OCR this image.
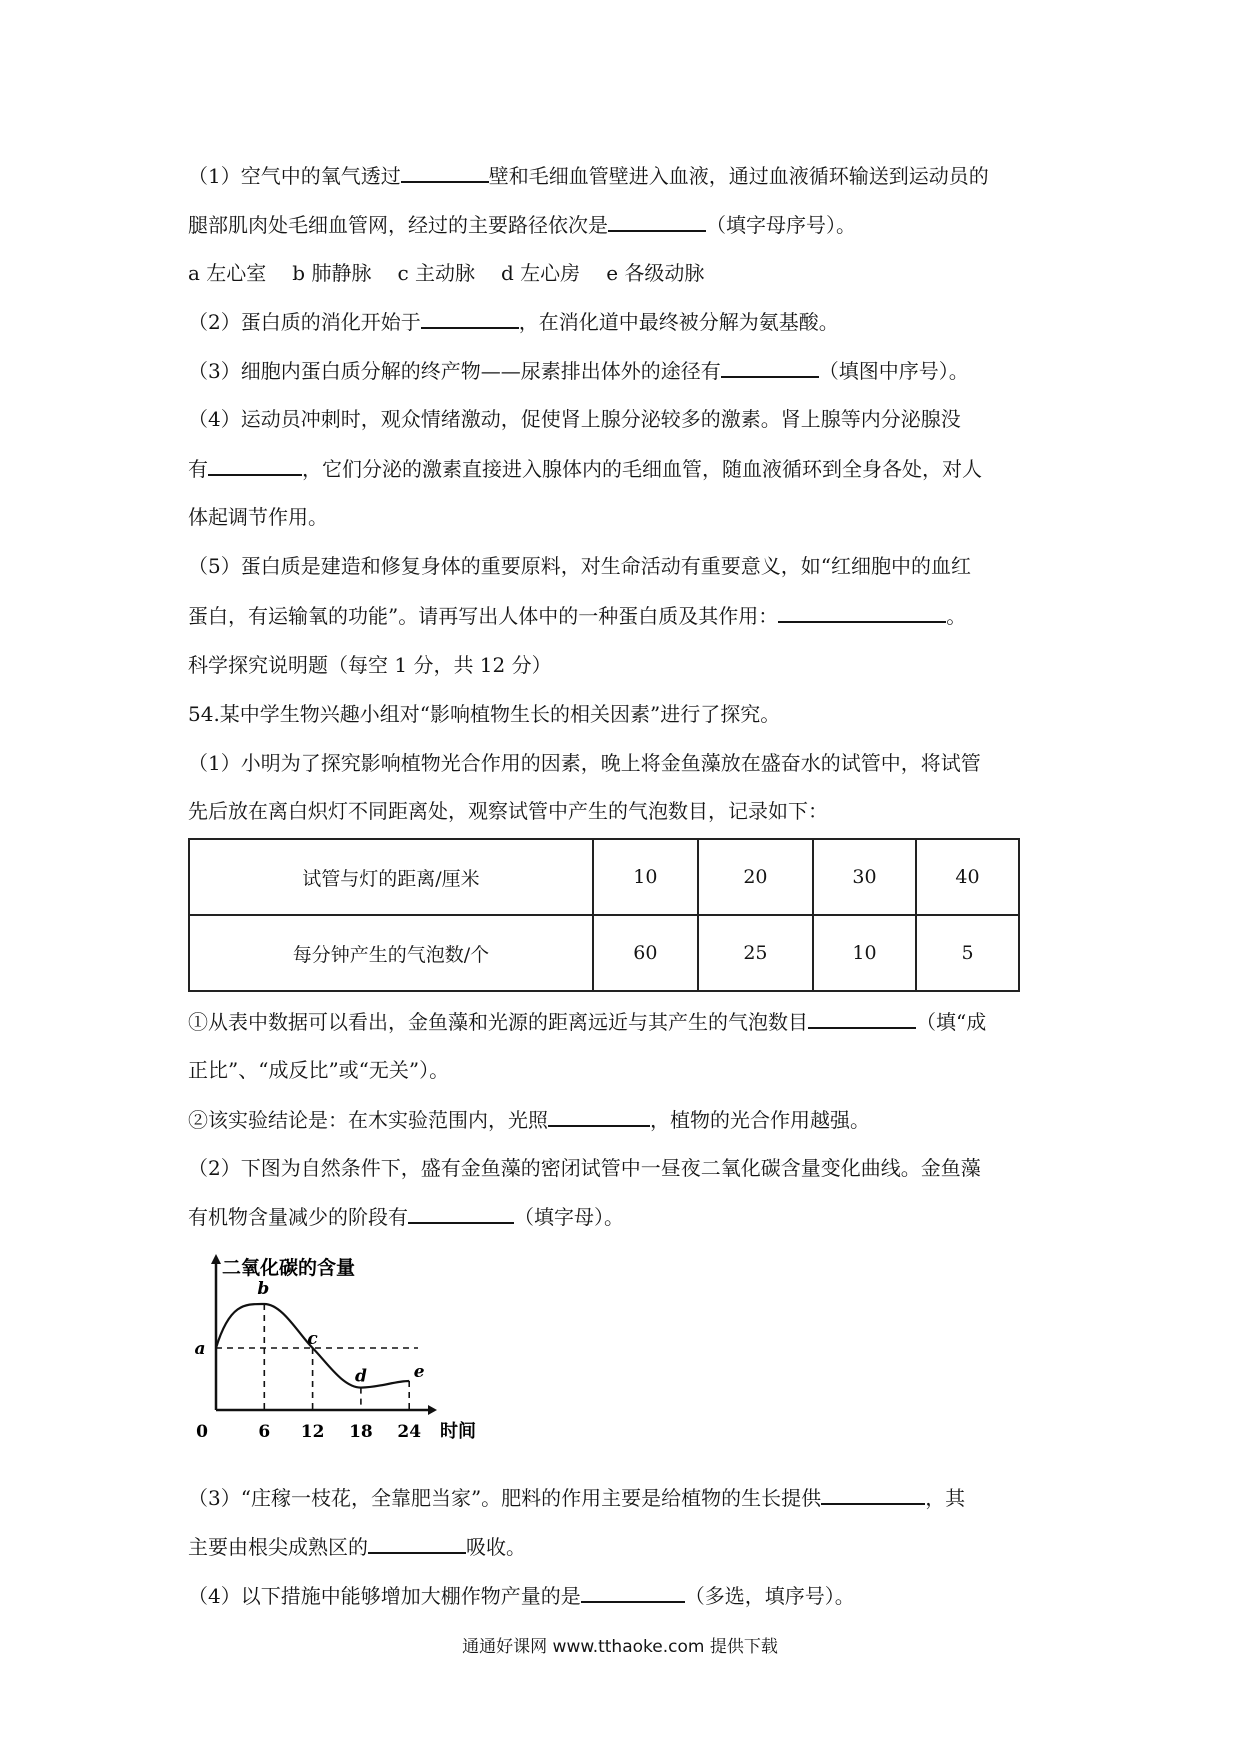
（1）空气中的氧气透过	壁和毛细血管壁进入血液，通过血液循环输送到运动员的
腿部肌肉处毛细血管网，经过的主要路径依次是	（填字母序号）。
a 左心室 b 肺静脉 c 主动脉 d 左心房 e 各级动脉
（2）蛋白质的消化开始于	，在消化道中最终被分解为氨基酸。
（3）细胞内蛋白质分解的终产物——尿素排出体外的途径有	（填图中序号）。
（4）运动员冲刺时，观众情绪激动，促使肾上腺分泌较多的激素。肾上腺等内分泌腺没
有	，它们分泌的激素直接进入腺体内的毛细血管，随血液循环到全身各处，对人
体起调节作用。
（5）蛋白质是建造和修复身体的重要原料，对生命活动有重要意义，如“红细胞中的血红
蛋白，有运输氧的功能”。请再写出人体中的一种蛋白质及其作用：	。
科学探究说明题（每空 1 分，共 12 分）
54.某中学生物兴趣小组对“影响植物生长的相关因素”进行了探究。
（1）小明为了探究影响植物光合作用的因素，晚上将金鱼藻放在盛奋水的试管中，将试管
先后放在离白炽灯不同距离处，观察试管中产生的气泡数目，记录如下：
试管与灯的距离/厘米	10	20	30	40
每分钟产生的气泡数/个	60	25	10	5
①从表中数据可以看出，金鱼藻和光源的距离远近与其产生的气泡数目	（填“成
正比”、“成反比”或“无关”）。
②该实验结论是：在木实验范围内，光照	，植物的光合作用越强。
（2）下图为自然条件下，盛有金鱼藻的密闭试管中一昼夜二氧化碳含量变化曲线。金鱼藻
有机物含量减少的阶段有	（填字母）。
二氧化碳的含量
时间
0	6 12 18 24
a
b
c
d	e
（3）“庄稼一枝花，全靠肥当家”。肥料的作用主要是给植物的生长提供	，其
主要由根尖成熟区的	吸收。
（4）以下措施中能够增加大棚作物产量的是	（多选，填序号）。
通通好课网 www.tthaoke.com 提供下载
